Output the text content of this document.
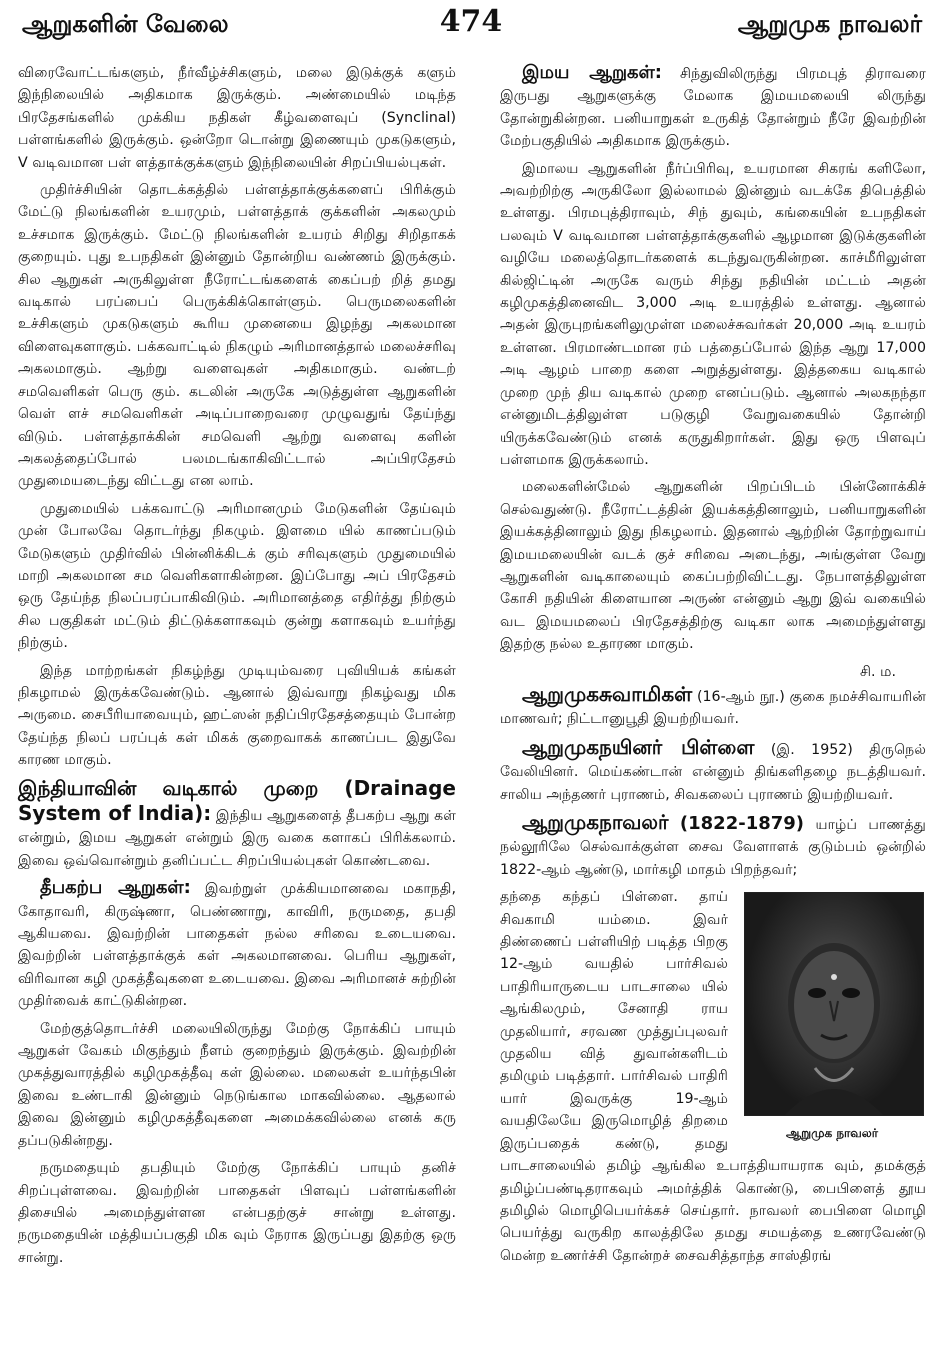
ஆறுகளின் வேலை	474	ஆறுமுக நாவலர்

விரைவோட்டங்களும், நீர்வீழ்ச்சிகளும், மலை இடுக்குக் களும் இந்நிலையில் அதிகமாக இருக்கும். அண்மையில் மடிந்த பிரதேசங்களில் முக்கிய நதிகள் கீழ்வளைவுப் (Synclinal) பள்ளங்களில் இருக்கும். ஒன்றோ டொன்று இணையும் முகடுகளும், V வடிவமான பள் ளத்தாக்குக்களும் இந்நிலையின் சிறப்பியல்புகள்.

முதிர்ச்சியின் தொடக்கத்தில் பள்ளத்தாக்குக்களைப் பிரிக்கும் மேட்டு நிலங்களின் உயரமும், பள்ளத்தாக் குக்களின் அகலமும் உச்சமாக இருக்கும். மேட்டு நிலங்களின் உயரம் சிறிது சிறிதாகக் குறையும். புது உபநதிகள் இன்னும் தோன்றிய வண்ணம் இருக்கும். சில ஆறுகள் அருகிலுள்ள நீரோட்டங்களைக் கைப்பற் றித் தமது வடிகால் பரப்பைப் பெருக்கிக்கொள்ளும். பெருமலைகளின் உச்சிகளும் முகடுகளும் கூரிய முனையை இழந்து அகலமான விளைவுகளாகும். பக்கவாட்டில் நிகழும் அரிமானத்தால் மலைச்சரிவு அகலமாகும். ஆற்று வளைவுகள் அதிகமாகும். வண்டற் சமவெளிகள் பெரு கும். கடலின் அருகே அடுத்துள்ள ஆறுகளின் வெள் ளச் சமவெளிகள் அடிப்பாறைவரை முழுவதுங் தேய்ந்து விடும். பள்ளத்தாக்கின் சமவெளி ஆற்று வளைவு களின் அகலத்தைப்போல் பலமடங்காகிவிட்டால் அப்பிரதேசம் முதுமையடைந்து விட்டது என லாம்.

முதுமையில் பக்கவாட்டு அரிமானமும் மேடுகளின் தேய்வும் முன் போலவே தொடர்ந்து நிகழும். இளமை யில் காணப்படும் மேடுகளும் முதிர்வில் பின்னிக்கிடக் கும் சரிவுகளும் முதுமையில் மாறி அகலமான சம வெளிகளாகின்றன. இப்போது அப் பிரதேசம் ஒரு தேய்ந்த நிலப்பரப்பாகிவிடும். அரிமானத்தை எதிர்த்து நிற்கும் சில பகுதிகள் மட்டும் திட்டுக்களாகவும் குன்று களாகவும் உயர்ந்து நிற்கும்.

இந்த மாற்றங்கள் நிகழ்ந்து முடியும்வரை புவியியக் கங்கள் நிகழாமல் இருக்கவேண்டும். ஆனால் இவ்வாறு நிகழ்வது மிக அருமை. சைபீரியாவையும், ஹட்ஸன் நதிப்பிரதேசத்தையும் போன்ற தேய்ந்த நிலப் பரப்புக் கள் மிகக் குறைவாகக் காணப்பட இதுவே காரண மாகும்.

இந்தியாவின் வடிகால் முறை (Drainage System of India): இந்திய ஆறுகளைத் தீபகற்ப ஆறு கள் என்றும், இமய ஆறுகள் என்றும் இரு வகை களாகப் பிரிக்கலாம். இவை ஒவ்வொன்றும் தனிப்பட்ட சிறப்பியல்புகள் கொண்டவை.

தீபகற்ப ஆறுகள்: இவற்றுள் முக்கியமானவை மகாநதி, கோதாவரி, கிருஷ்ணா, பெண்ணாறு, காவிரி, நருமதை, தபதி ஆகியவை. இவற்றின் பாதைகள் நல்ல சரிவை உடையவை. இவற்றின் பள்ளத்தாக்குக் கள் அகலமானவை. பெரிய ஆறுகள், விரிவான கழி முகத்தீவுகளை உடையவை. இவை அரிமானச் சுற்றின் முதிர்வைக் காட்டுகின்றன.

மேற்குத்தொடர்ச்சி மலையிலிருந்து மேற்கு நோக்கிப் பாயும் ஆறுகள் வேகம் மிகுந்தும் நீளம் குறைந்தும் இருக்கும். இவற்றின் முகத்துவாரத்தில் கழிமுகத்தீவு கள் இல்லை. மலைகள் உயர்ந்தபின் இவை உண்டாகி இன்னும் நெடுங்கால மாகவில்லை. ஆதலால் இவை இன்னும் கழிமுகத்தீவுகளை அமைக்கவில்லை எனக் கரு தப்படுகின்றது.

நருமதையும் தபதியும் மேற்கு நோக்கிப் பாயும் தனிச் சிறப்புள்ளவை. இவற்றின் பாதைகள் பிளவுப் பள்ளங்களின் திசையில் அமைந்துள்ளன என்பதற்குச் சான்று உள்ளது. நருமதையின் மத்தியப்பகுதி மிக வும் நேராக இருப்பது இதற்கு ஒரு சான்று.

இமய ஆறுகள்: சிந்துவிலிருந்து பிரமபுத் திராவரை இருபது ஆறுகளுக்கு மேலாக இமயமலையி லிருந்து தோன்றுகின்றன. பனியாறுகள் உருகித் தோன்றும் நீரே இவற்றின் மேற்பகுதியில் அதிகமாக இருக்கும்.

இமாலய ஆறுகளின் நீர்ப்பிரிவு, உயரமான சிகரங் களிலோ, அவற்றிற்கு அருகிலோ இல்லாமல் இன்னும் வடக்கே திபெத்தில் உள்ளது. பிரமபுத்திராவும், சிந் துவும், கங்கையின் உபநதிகள் பலவும் V வடிவமான பள்ளத்தாக்குகளில் ஆழமான இடுக்குகளின் வழியே மலைத்தொடர்களைக் கடந்துவருகின்றன. காச்மீரிலுள்ள கில்ஜிட்டின் அருகே வரும் சிந்து நதியின் மட்டம் அதன் கழிமுகத்தினைவிட 3,000 அடி உயரத்தில் உள்ளது. ஆனால் அதன் இருபுறங்களிலுமுள்ள மலைச்சுவர்கள் 20,000 அடி உயரம் உள்ளன. பிரமாண்டமான ரம் பத்தைப்போல் இந்த ஆறு 17,000 அடி ஆழம் பாறை களை அறுத்துள்ளது. இத்தகைய வடிகால் முறை முந் திய வடிகால் முறை எனப்படும். ஆனால் அலகநந்தா என்னுமிடத்திலுள்ள படுகுழி வேறுவகையில் தோன்றி யிருக்கவேண்டும் எனக் கருதுகிறார்கள். இது ஒரு பிளவுப் பள்ளமாக இருக்கலாம்.

மலைகளின்மேல் ஆறுகளின் பிறப்பிடம் பின்னோக்கிச் செல்வதுண்டு. நீரோட்டத்தின் இயக்கத்தினாலும், பனியாறுகளின் இயக்கத்தினாலும் இது நிகழலாம். இதனால் ஆற்றின் தோற்றுவாய் இமயமலையின் வடக் குச் சரிவை அடைந்து, அங்குள்ள வேறு ஆறுகளின் வடிகாலையும் கைப்பற்றிவிட்டது. நேபாளத்திலுள்ள கோசி நதியின் கிளையான அருண் என்னும் ஆறு இவ் வகையில் வட இமயமலைப் பிரதேசத்திற்கு வடிகா லாக அமைந்துள்ளது இதற்கு நல்ல உதாரண மாகும்.

சி. ம.

ஆறுமுகசுவாமிகள் (16-ஆம் நூ.) குகை நமச்சிவாயரின் மாணவர்; நிட்டானுபூதி இயற்றியவர்.

ஆறுமுகநயினர் பிள்ளை (இ. 1952) திருநெல் வேலியினர். மெய்கண்டான் என்னும் திங்களிதழை நடத்தியவர். சாலிய அந்தணர் புராணம், சிவகலைப் புராணம் இயற்றியவர்.

ஆறுமுகநாவலர் (1822-1879) யாழ்ப் பாணத்து நல்லூரிலே செல்வாக்குள்ள சைவ வேளாளக் குடும்பம் ஒன்றில் 1822-ஆம் ஆண்டு, மார்கழி மாதம் பிறந்தவர்;

ஆறுமுக நாவலர்

தந்தை கந்தப் பிள்ளை. தாய் சிவகாமி யம்மை. இவர் திண்ணைப் பள்ளியிற் படித்த பிறகு 12-ஆம் வயதில் பார்சிவல் பாதிரியாருடைய பாடசாலை யில் ஆங்கிலமும், சேனாதி ராய முதலியார், சரவண முத்துப்புலவர் முதலிய வித் துவான்களிடம் தமிழும் படித்தார். பார்சிவல் பாதிரி யார் இவருக்கு 19-ஆம் வயதிலேயே இருமொழித் திறமை இருப்பதைக் கண்டு, தமது பாடசாலையில் தமிழ் ஆங்கில உபாத்தியாயராக வும், தமக்குத் தமிழ்ப்பண்டிதராகவும் அமர்த்திக் கொண்டு, பைபிளைத் தூய தமிழில் மொழிபெயர்க்கச் செய்தார். நாவலர் பைபிளை மொழி பெயர்த்து வருகிற காலத்திலே தமது சமயத்தை உணரவேண்டு மென்ற உணர்ச்சி தோன்றச் சைவசித்தாந்த சாஸ்திரங்
